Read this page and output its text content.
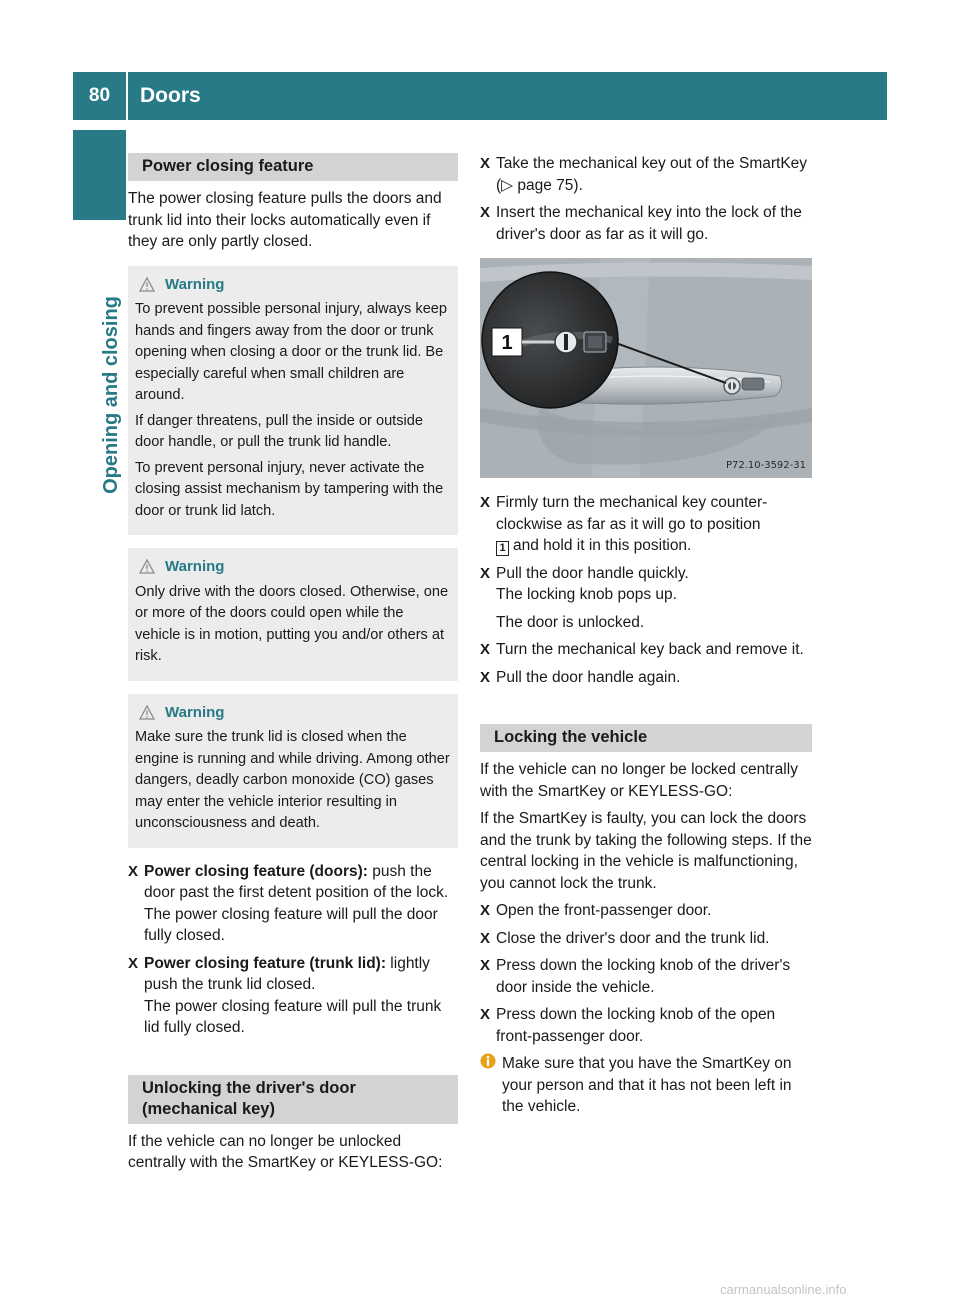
80	Doors
Opening and closing
Power closing feature

The power closing feature pulls the doors and trunk lid into their locks automatically even if they are only partly closed.

Warning

To prevent possible personal injury, always keep hands and fingers away from the door or trunk opening when closing a door or the trunk lid. Be especially careful when small children are around.

If danger threatens, pull the inside or outside door handle, or pull the trunk lid handle.

To prevent personal injury, never activate the closing assist mechanism by tampering with the door or trunk lid latch.

Warning

Only drive with the doors closed. Otherwise, one or more of the doors could open while the vehicle is in motion, putting you and/or others at risk.

Warning

Make sure the trunk lid is closed when the engine is running and while driving. Among other dangers, deadly carbon monoxide (CO) gases may enter the vehicle interior resulting in unconsciousness and death.

X Power closing feature (doors): push the door past the first detent position of the lock.
The power closing feature will pull the door fully closed.
X Power closing feature (trunk lid): lightly push the trunk lid closed.
The power closing feature will pull the trunk lid fully closed.
Unlocking the driver's door
(mechanical key)

If the vehicle can no longer be unlocked centrally with the SmartKey or KEYLESS-GO:

X Take the mechanical key out of the SmartKey (▷ page 75).
X Insert the mechanical key into the lock of the driver's door as far as it will go.
1
P72.10-3592-31
X Firmly turn the mechanical key counter-clockwise as far as it will go to position
1 and hold it in this position.
X Pull the door handle quickly.
The locking knob pops up.

The door is unlocked.
X Turn the mechanical key back and remove it.
X Pull the door handle again.
Locking the vehicle

If the vehicle can no longer be locked centrally with the SmartKey or KEYLESS-GO:

If the SmartKey is faulty, you can lock the doors and the trunk by taking the following steps. If the central locking in the vehicle is malfunctioning, you cannot lock the trunk.

X Open the front-passenger door.
X Close the driver's door and the trunk lid.
X Press down the locking knob of the driver's door inside the vehicle.
X Press down the locking knob of the open front-passenger door.
Make sure that you have the SmartKey on your person and that it has not been left in the vehicle.
carmanualsonline.info
